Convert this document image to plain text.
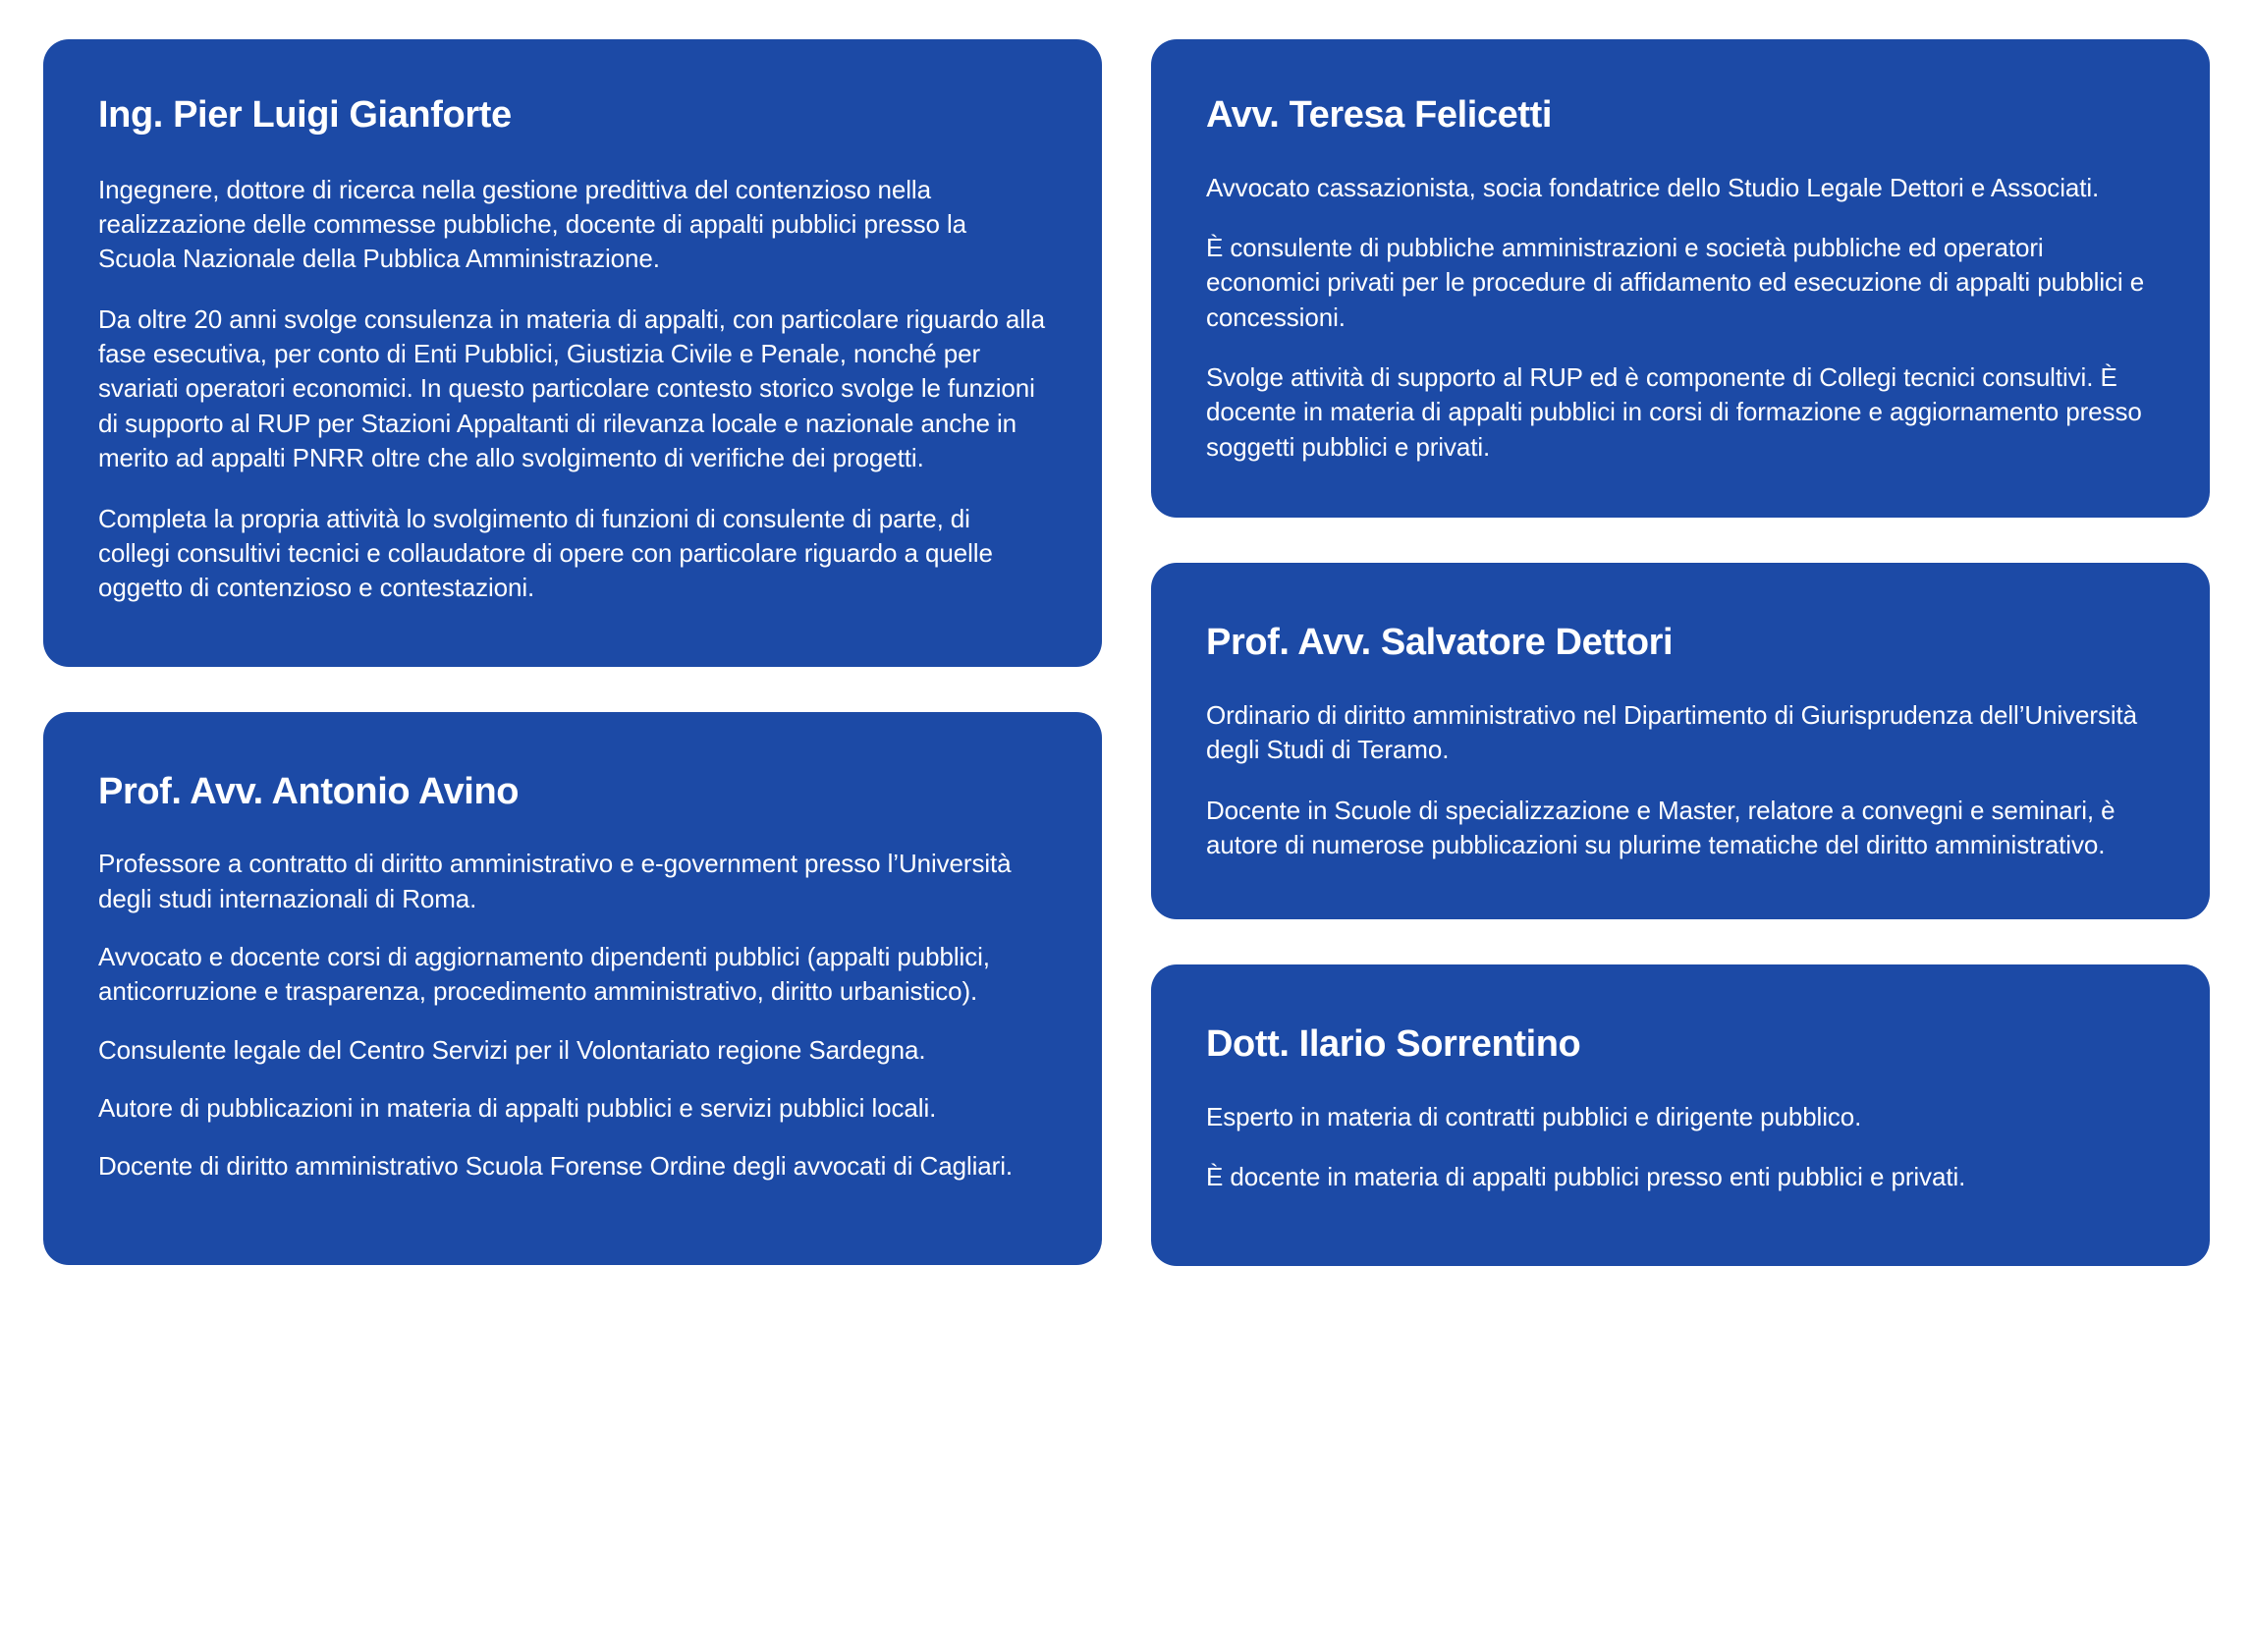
Ing. Pier Luigi Gianforte

Ingegnere, dottore di ricerca nella gestione predittiva del contenzioso nella realizzazione delle commesse pubbliche, docente di appalti pubblici presso la Scuola Nazionale della Pubblica Amministrazione.

Da oltre 20 anni svolge consulenza in materia di appalti, con particolare riguardo alla fase esecutiva, per conto di Enti Pubblici, Giustizia Civile e Penale, nonché per svariati operatori economici. In questo particolare contesto storico svolge le funzioni di supporto al RUP per Stazioni Appaltanti di rilevanza locale e nazionale anche in merito ad appalti PNRR oltre che allo svolgimento di verifiche dei progetti.

Completa la propria attività lo svolgimento di funzioni di consulente di parte, di collegi consultivi tecnici e collaudatore di opere con particolare riguardo a quelle oggetto di contenzioso e contestazioni.

Prof. Avv. Antonio Avino

Professore a contratto di diritto amministrativo e e-government presso l’Università degli studi internazionali di Roma.

Avvocato e docente corsi di aggiornamento dipendenti pubblici (appalti pubblici, anticorruzione e trasparenza, procedimento amministrativo, diritto urbanistico).

Consulente legale del Centro Servizi per il Volontariato regione Sardegna.

Autore di pubblicazioni in materia di appalti pubblici e servizi pubblici locali.

Docente di diritto amministrativo Scuola Forense Ordine degli avvocati di Cagliari.

Avv. Teresa Felicetti

Avvocato cassazionista, socia fondatrice dello Studio Legale Dettori e Associati.

È consulente di pubbliche amministrazioni e società pubbliche ed operatori economici privati per le procedure di affidamento ed esecuzione di appalti pubblici e concessioni.

Svolge attività di supporto al RUP ed è componente di Collegi tecnici consultivi. È docente in materia di appalti pubblici in corsi di formazione e aggiornamento presso soggetti pubblici e privati.

Prof. Avv. Salvatore Dettori

Ordinario di diritto amministrativo nel Dipartimento di Giurisprudenza dell’Università degli Studi di Teramo.

Docente in Scuole di specializzazione e Master, relatore a convegni e seminari, è autore di numerose pubblicazioni su plurime tematiche del diritto amministrativo.

Dott. Ilario Sorrentino

Esperto in materia di contratti pubblici e dirigente pubblico.

È docente in materia di appalti pubblici presso enti pubblici e privati.
